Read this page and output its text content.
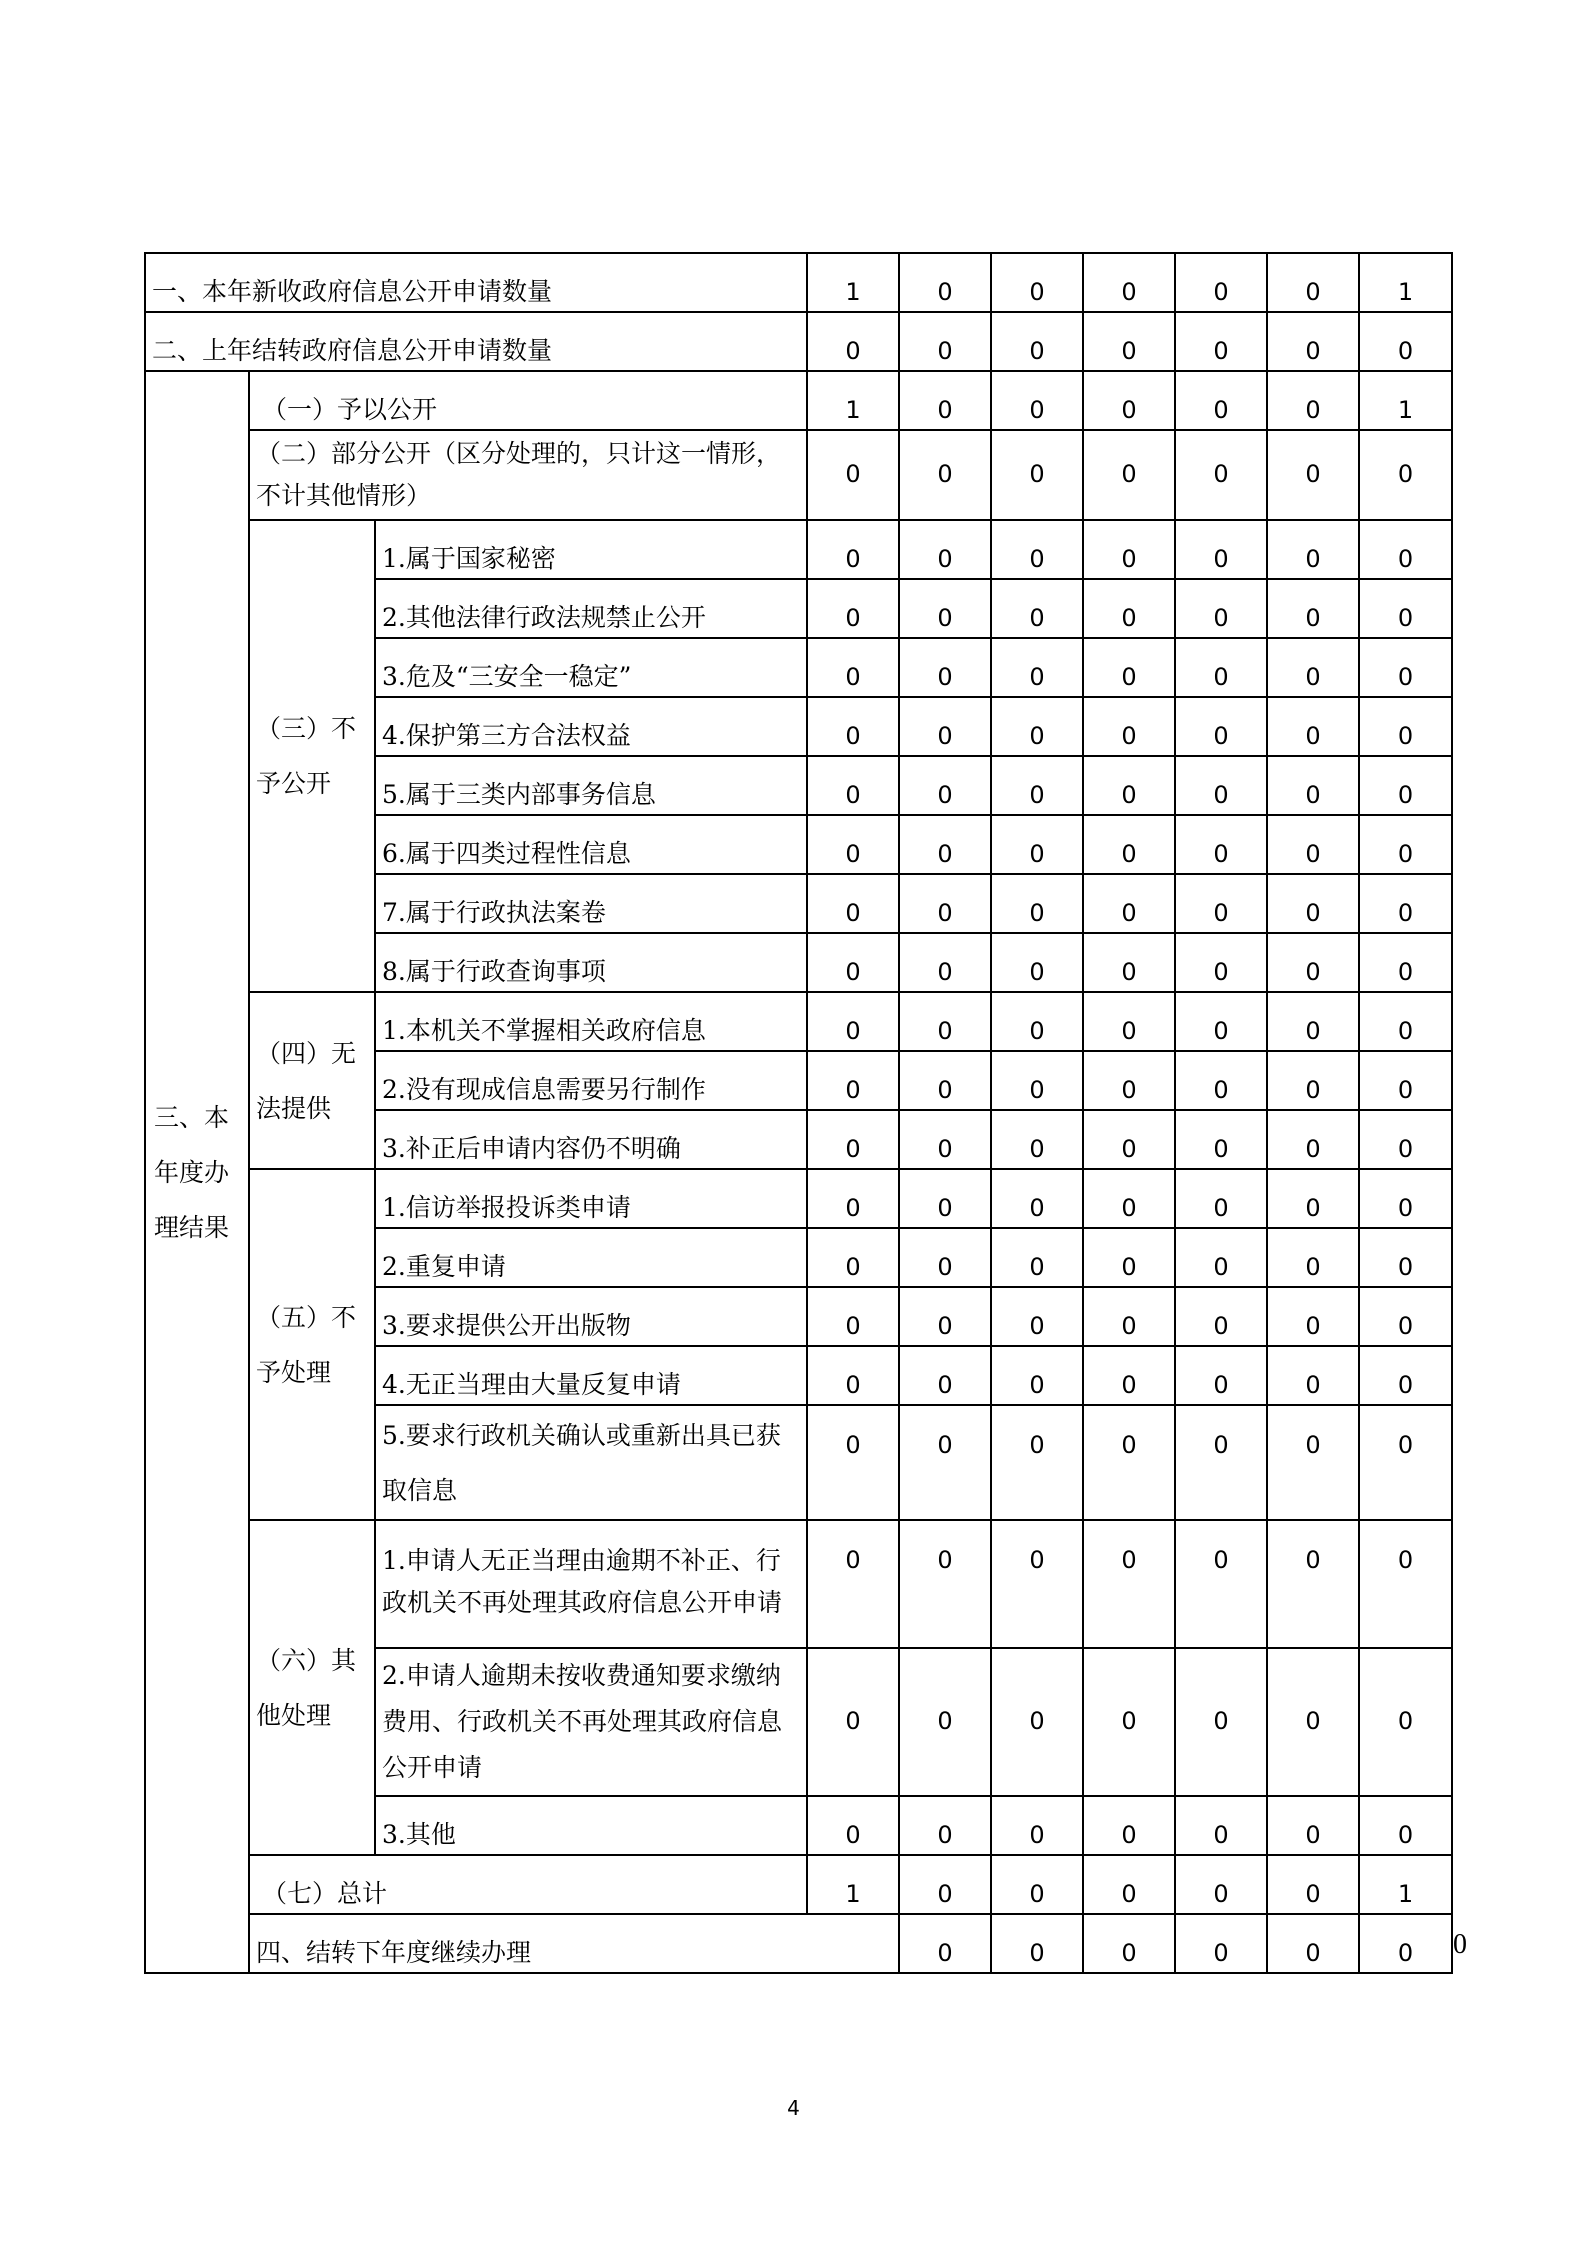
一、本年新收政府信息公开申请数量			1	0	0	0	0	0	1	
二、上年结转政府信息公开申请数量			0	0	0	0	0	0	0	
三、本年度办理结果	（一）予以公开		1	0	0	0	0	0	1	
	（二）部分公开（区分处理的，只计这一情形，不计其他情形）		0	0	0	0	0	0	0	
	（三）不予公开	1.属于国家秘密	0	0	0	0	0	0	0	
		2.其他法律行政法规禁止公开	0	0	0	0	0	0	0	
		3.危及“三安全一稳定”	0	0	0	0	0	0	0	
		4.保护第三方合法权益	0	0	0	0	0	0	0	
		5.属于三类内部事务信息	0	0	0	0	0	0	0	
		6.属于四类过程性信息	0	0	0	0	0	0	0	
		7.属于行政执法案卷	0	0	0	0	0	0	0	
		8.属于行政查询事项	0	0	0	0	0	0	0	
	（四）无法提供	1.本机关不掌握相关政府信息	0	0	0	0	0	0	0	
		2.没有现成信息需要另行制作	0	0	0	0	0	0	0	
		3.补正后申请内容仍不明确	0	0	0	0	0	0	0	
	（五）不予处理	1.信访举报投诉类申请	0	0	0	0	0	0	0	
		2.重复申请	0	0	0	0	0	0	0	
		3.要求提供公开出版物	0	0	0	0	0	0	0	
		4.无正当理由大量反复申请	0	0	0	0	0	0	0	
		5.要求行政机关确认或重新出具已获取信息	0	0	0	0	0	0	0	
	（六）其他处理	1.申请人无正当理由逾期不补正、行政机关不再处理其政府信息公开申请	0	0	0	0	0	0	0	
		2.申请人逾期未按收费通知要求缴纳费用、行政机关不再处理其政府信息公开申请	0	0	0	0	0	0	0	
		3.其他	0	0	0	0	0	0	0	
	（七）总计		1	0	0	0	0	0	1	
	四、结转下年度继续办理			0	0	0	0	0	0	0
4
